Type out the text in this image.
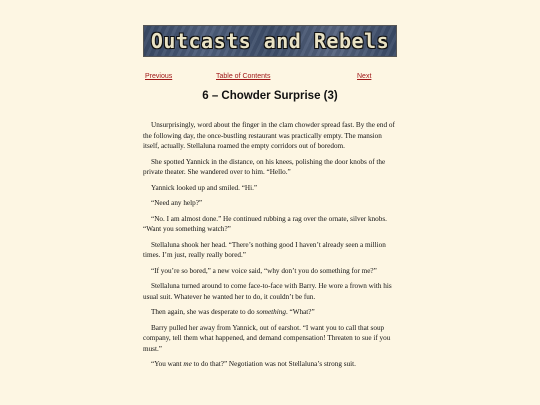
Outcasts and Rebels
Previous	Table of Contents	Next
6 – Chowder Surprise (3)

Unsurprisingly, word about the finger in the clam chowder spread fast. By the end of the following day, the once-bustling restaurant was practically empty. The mansion itself, actually. Stellaluna roamed the empty corridors out of boredom.

She spotted Yannick in the distance, on his knees, polishing the door knobs of the private theater. She wandered over to him. “Hello.”

Yannick looked up and smiled. “Hi.”

“Need any help?”

“No. I am almost done.” He continued rubbing a rag over the ornate, silver knobs. “Want you something watch?”

Stellaluna shook her head. “There’s nothing good I haven’t already seen a million times. I’m just, really really bored.”

“If you’re so bored,” a new voice said, “why don’t you do something for me?”

Stellaluna turned around to come face-to-face with Barry. He wore a frown with his usual suit. Whatever he wanted her to do, it couldn’t be fun.

Then again, she was desperate to do something. “What?”

Barry pulled her away from Yannick, out of earshot. “I want you to call that soup company, tell them what happened, and demand compensation! Threaten to sue if you must.”

“You want me to do that?” Negotiation was not Stellaluna’s strong suit.
